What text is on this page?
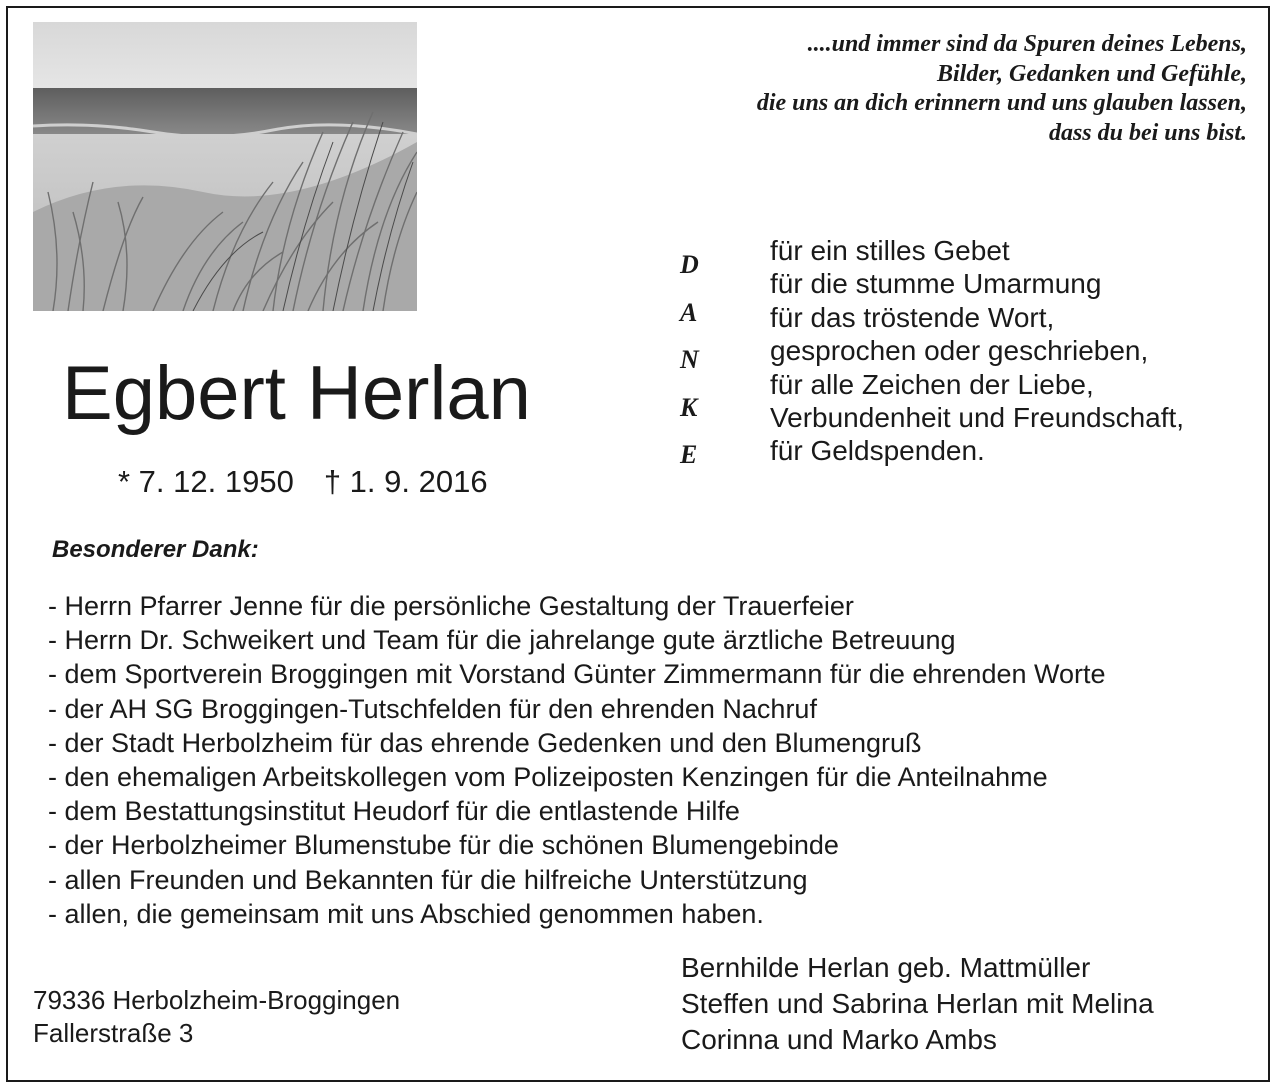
....und immer sind da Spuren deines Lebens,
Bilder, Gedanken und Gefühle,
die uns an dich erinnern und uns glauben lassen,
dass du bei uns bist.
D
A
N
K
E
für ein stilles Gebet
für die stumme Umarmung
für das tröstende Wort,
gesprochen oder geschrieben,
für alle Zeichen der Liebe,
Verbundenheit und Freundschaft,
für Geldspenden.
Egbert Herlan
* 7. 12. 1950 † 1. 9. 2016
Besonderer Dank:
- Herrn Pfarrer Jenne für die persönliche Gestaltung der Trauerfeier
- Herrn Dr. Schweikert und Team für die jahrelange gute ärztliche Betreuung
- dem Sportverein Broggingen mit Vorstand Günter Zimmermann für die ehrenden Worte
- der AH SG Broggingen-Tutschfelden für den ehrenden Nachruf
- der Stadt Herbolzheim für das ehrende Gedenken und den Blumengruß
- den ehemaligen Arbeitskollegen vom Polizeiposten Kenzingen für die Anteilnahme
- dem Bestattungsinstitut Heudorf für die entlastende Hilfe
- der Herbolzheimer Blumenstube für die schönen Blumengebinde
- allen Freunden und Bekannten für die hilfreiche Unterstützung
- allen, die gemeinsam mit uns Abschied genommen haben.
79336 Herbolzheim-Broggingen
Fallerstraße 3
Bernhilde Herlan geb. Mattmüller
Steffen und Sabrina Herlan mit Melina
Corinna und Marko Ambs
